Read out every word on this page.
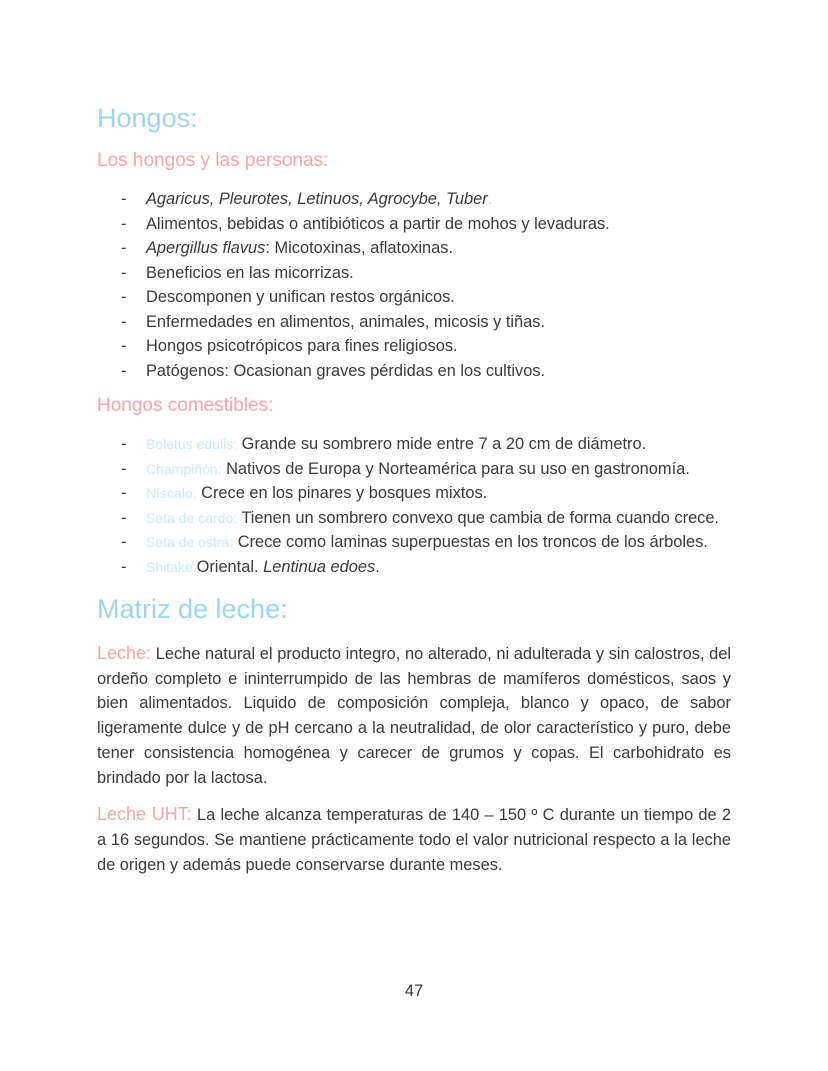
Hongos:
Los hongos y las personas:
- Agaricus, Pleurotes, Letinuos, Agrocybe, Tuber.
- Alimentos, bebidas o antibióticos a partir de mohos y levaduras.
- Apergillus flavus: Micotoxinas, aflatoxinas.
- Beneficios en las micorrizas.
- Descomponen y unifican restos orgánicos.
- Enfermedades en alimentos, animales, micosis y tiñas.
- Hongos psicotrópicos para fines religiosos.
- Patógenos: Ocasionan graves pérdidas en los cultivos.
Hongos comestibles:
- Boletus edulis: Grande su sombrero mide entre 7 a 20 cm de diámetro.
- Champiñón: Nativos de Europa y Norteamérica para su uso en gastronomía.
- Níscalo: Crece en los pinares y bosques mixtos.
- Seta de cardo: Tienen un sombrero convexo que cambia de forma cuando crece.
- Seta de ostra: Crece como laminas superpuestas en los troncos de los árboles.
- Shitake:Oriental. Lentinua edoes.
Matriz de leche:

Leche: Leche natural el producto integro, no alterado, ni adulterada y sin calostros, del ordeño completo e ininterrumpido de las hembras de mamíferos domésticos, saos y bien alimentados. Liquido de composición compleja, blanco y opaco, de sabor ligeramente dulce y de pH cercano a la neutralidad, de olor característico y puro, debe tener consistencia homogénea y carecer de grumos y copas. El carbohidrato es brindado por la lactosa.

Leche UHT: La leche alcanza temperaturas de 140 – 150 º C durante un tiempo de 2 a 16 segundos. Se mantiene prácticamente todo el valor nutricional respecto a la leche de origen y además puede conservarse durante meses.

47
